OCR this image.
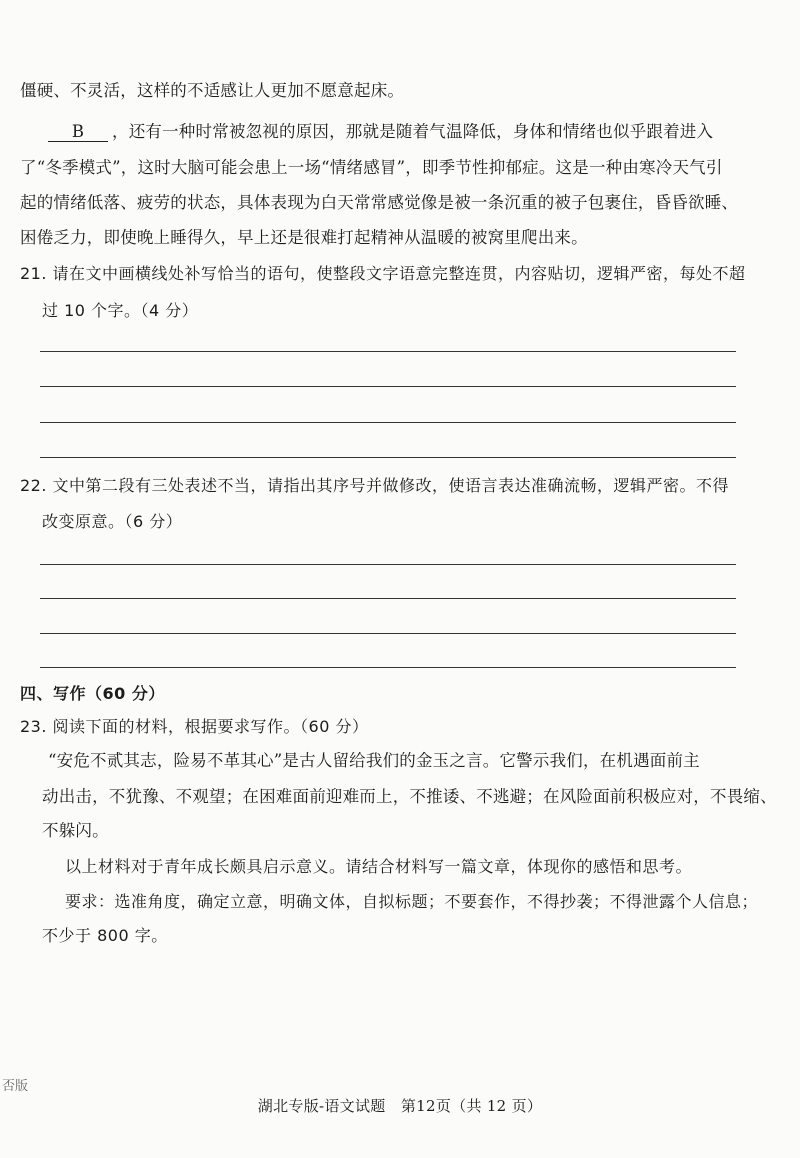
僵硬、不灵活，这样的不适感让人更加不愿意起床。
B ，还有一种时常被忽视的原因，那就是随着气温降低，身体和情绪也似乎跟着进入
了“冬季模式”，这时大脑可能会患上一场“情绪感冒”，即季节性抑郁症。这是一种由寒冷天气引
起的情绪低落、疲劳的状态，具体表现为白天常常感觉像是被一条沉重的被子包裹住，昏昏欲睡、
困倦乏力，即使晚上睡得久，早上还是很难打起精神从温暖的被窝里爬出来。
21. 请在文中画横线处补写恰当的语句，使整段文字语意完整连贯，内容贴切，逻辑严密，每处不超
过 10 个字。（4 分）
22. 文中第二段有三处表述不当，请指出其序号并做修改，使语言表达准确流畅，逻辑严密。不得
改变原意。（6 分）
四、写作（60 分）
23. 阅读下面的材料，根据要求写作。（60 分）
“安危不贰其志，险易不革其心”是古人留给我们的金玉之言。它警示我们，在机遇面前主
动出击，不犹豫、不观望；在困难面前迎难而上，不推诿、不逃避；在风险面前积极应对，不畏缩、
不躲闪。
以上材料对于青年成长颇具启示意义。请结合材料写一篇文章，体现你的感悟和思考。
要求：选准角度，确定立意，明确文体，自拟标题；不要套作，不得抄袭；不得泄露个人信息；
不少于 800 字。
否版
湖北专版-语文试题　第12页（共 12 页）
